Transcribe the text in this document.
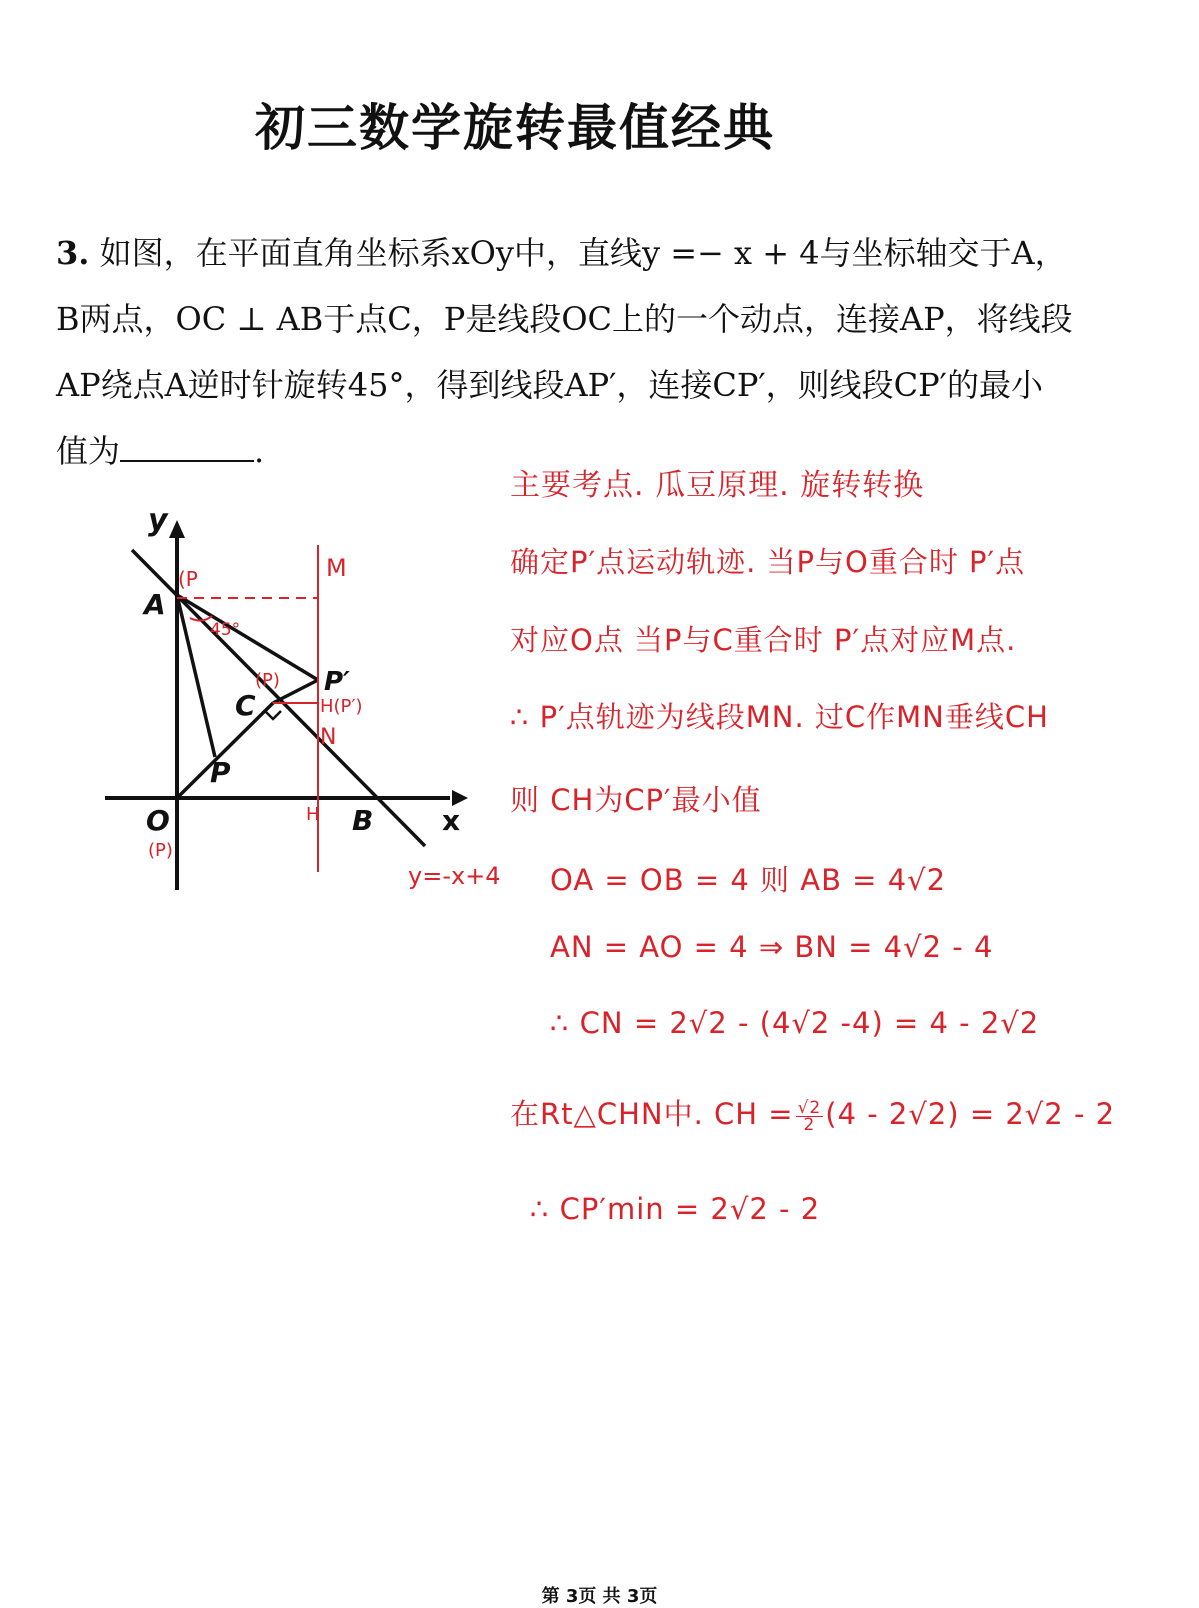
初三数学旋转最值经典
3. 如图，在平面直角坐标系xOy中，直线y =− x + 4与坐标轴交于A，
B两点，OC ⊥ AB于点C，P是线段OC上的一个动点，连接AP，将线段
AP绕点A逆时针旋转45°，得到线段AP′，连接CP′，则线段CP′的最小
值为	.
y
x
O
A
B
C
P
P′
(P
(P)
(P)
45°
M
H(P′)
N
H
y=-x+4
主要考点. 瓜豆原理. 旋转转换
确定P′点运动轨迹. 当P与O重合时 P′点
对应O点 当P与C重合时 P′点对应M点.
∴ P′点轨迹为线段MN. 过C作MN垂线CH
则 CH为CP′最小值
OA = OB = 4 则 AB = 4√2
AN = AO = 4 ⇒ BN = 4√2 - 4
∴ CN = 2√2 - (4√2 -4) = 4 - 2√2
在Rt△CHN中. CH = $\frac{√2}{2} (4 - 2√2) = 2√2 - 2$
∴ CP′min = 2√2 - 2
第 3页 共 3页
